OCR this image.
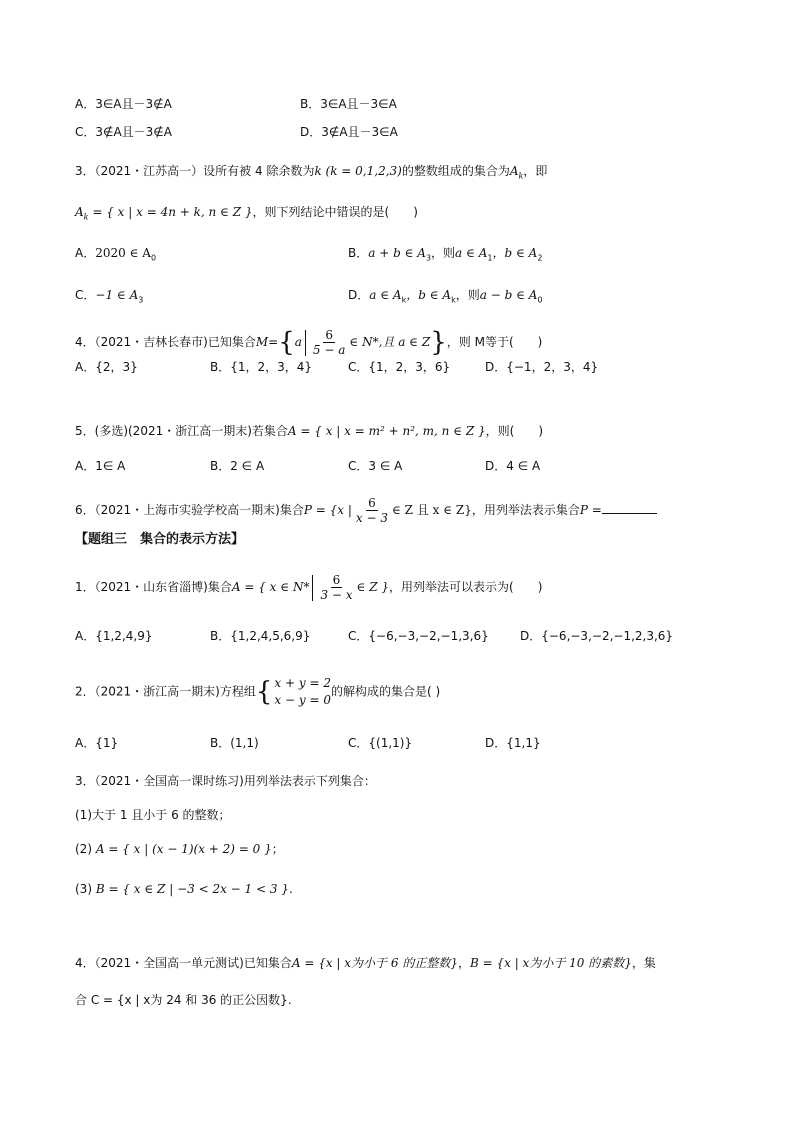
A．3∈A且－3∉A	B．3∈A且－3∈A
C．3∉A且－3∉A	D．3∉A且－3∈A
3．（2021・江苏高一）设所有被 4 除余数为k (k = 0,1,2,3)的整数组成的集合为$A_k$，即
$A_k$ = { x | x = 4n + k, n ∈ Z }，则下列结论中错误的是(　　)
A．2020 ∈ $A_0$	B．a + b ∈ $A_3$，则a ∈ $A_1$，b ∈ $A_2$
C．−1 ∈ $A_3$	D．a ∈ $A_k$，b ∈ $A_k$，则a − b ∈ $A_0$
4．（2021・吉林长春市)已知集合$M=\{a \frac{6}{5 - a}$ ∈ N*,且 a ∈ Z}，则 M等于(　　)
A．{2，3}	B．{1，2，3，4}	C．{1，2，3，6}	D．{−1，2，3，4}
5．(多选)(2021・浙江高一期末)若集合A = { x | x = m² + n², m, n ∈ Z }，则(　　)
A．1∈ A	B．2 ∈ A	C．3 ∈ A	D．4 ∈ A
6．（2021・上海市实验学校高一期末)集合P = {x | $\frac{6}{x - 3}$ ∈ Z 且 x ∈ Z}，用列举法表示集合P =
【题组三　集合的表示方法】
1．（2021・山东省淄博)集合A = { x ∈ $N* \frac{6}{3 - x}$ ∈ Z }，用列举法可以表示为(　　)
A．{1,2,4,9}	B．{1,2,4,5,6,9}	C．{−6,−3,−2,−1,3,6}	D．{−6,−3,−2,−1,2,3,6}
2．（2021・浙江高一期末)方程组{ x + y = 2
x − y = 0
的解构成的集合是( )
A．{1}	B．(1,1)	C．{(1,1)}	D．{1,1}
3．（2021・全国高一课时练习)用列举法表示下列集合：
(1)大于 1 且小于 6 的整数；
(2) A = { x | (x − 1)(x + 2) = 0 }；
(3) B = { x ∈ Z | −3 < 2x − 1 < 3 }.
4．（2021・全国高一单元测试)已知集合A = {x | x为小于 6 的正整数}，B = {x | x为小于 10 的素数}，集
合 C = {x | x为 24 和 36 的正公因数}.
